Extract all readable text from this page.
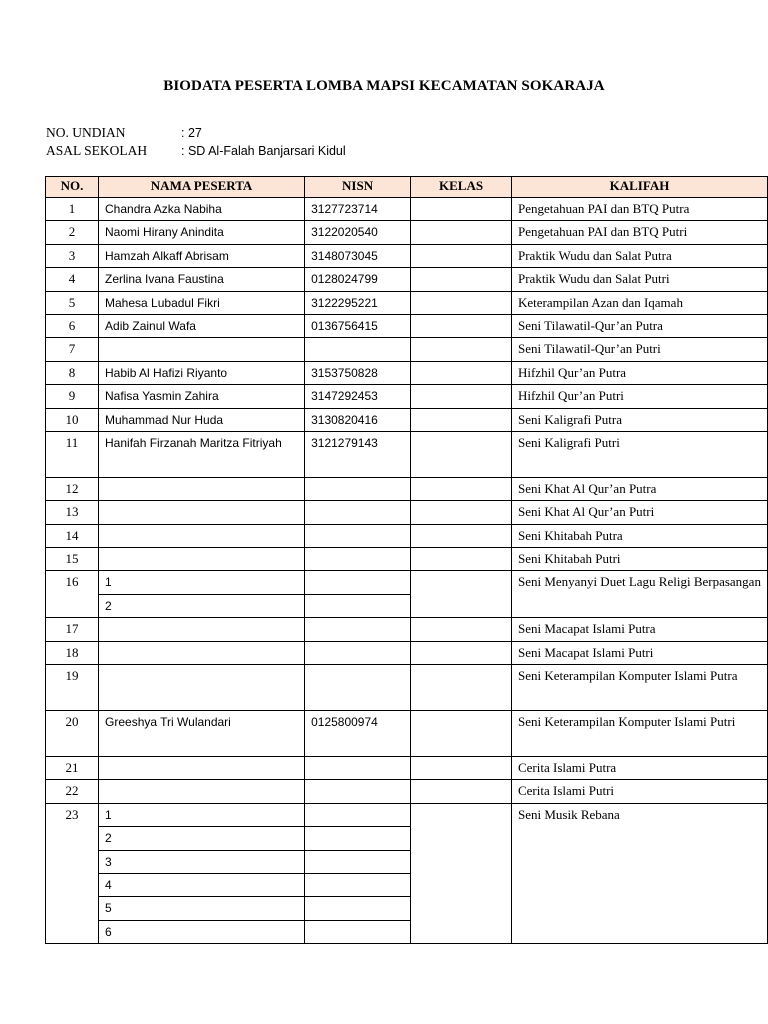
BIODATA PESERTA LOMBA MAPSI KECAMATAN SOKARAJA
NO. UNDIAN	: 27
ASAL SEKOLAH	: SD Al-Falah Banjarsari Kidul
NO.	NAMA PESERTA	NISN	KELAS	KALIFAH
1	Chandra Azka Nabiha	3127723714		Pengetahuan PAI dan BTQ Putra
2	Naomi Hirany Anindita	3122020540		Pengetahuan PAI dan BTQ Putri
3	Hamzah Alkaff Abrisam	3148073045		Praktik Wudu dan Salat Putra
4	Zerlina Ivana Faustina	0128024799		Praktik Wudu dan Salat Putri
5	Mahesa Lubadul Fikri	3122295221		Keterampilan Azan dan Iqamah
6	Adib Zainul Wafa	0136756415		Seni Tilawatil-Qur’an Putra
7				Seni Tilawatil-Qur’an Putri
8	Habib Al Hafizi Riyanto	3153750828		Hifzhil Qur’an Putra
9	Nafisa Yasmin Zahira	3147292453		Hifzhil Qur’an Putri
10	Muhammad Nur Huda	3130820416		Seni Kaligrafi Putra
11	Hanifah Firzanah Maritza Fitriyah	3121279143		Seni Kaligrafi Putri
12				Seni Khat Al Qur’an Putra
13				Seni Khat Al Qur’an Putri
14				Seni Khitabah Putra
15				Seni Khitabah Putri
16	1			Seni Menyanyi Duet Lagu Religi Berpasangan
	2			
17				Seni Macapat Islami Putra
18				Seni Macapat Islami Putri
19				Seni Keterampilan Komputer Islami Putra
20	Greeshya Tri Wulandari	0125800974		Seni Keterampilan Komputer Islami Putri
21				Cerita Islami Putra
22				Cerita Islami Putri
23	1			Seni Musik Rebana
	2			
	3			
	4			
	5			
	6			
